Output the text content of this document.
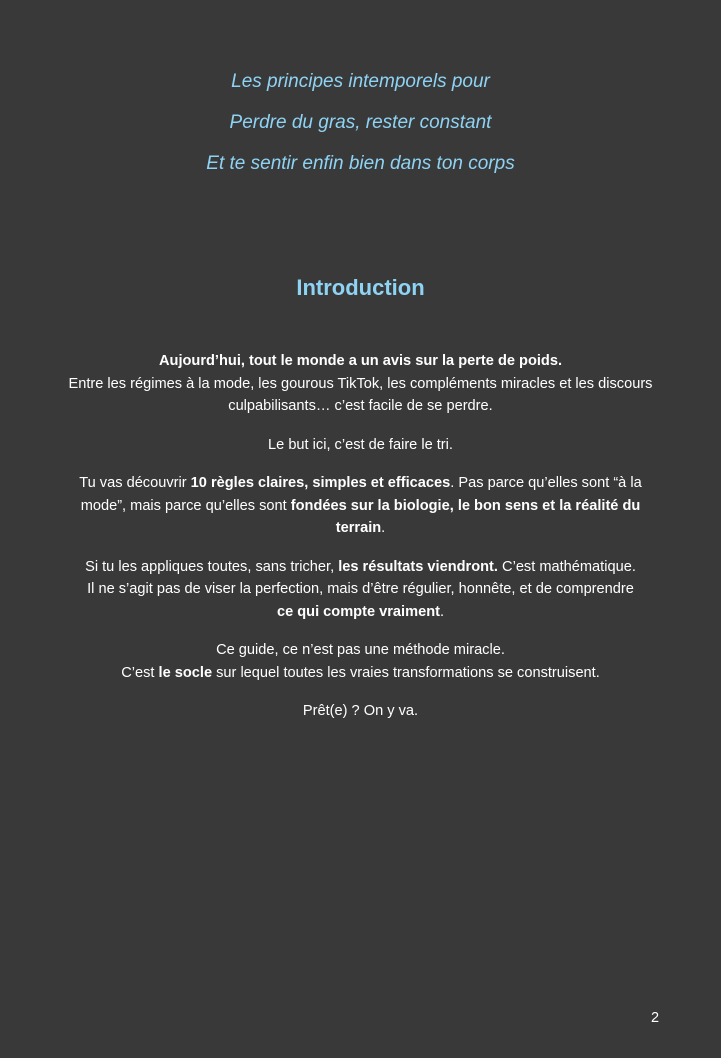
Les principes intemporels pour
Perdre du gras, rester constant
Et te sentir enfin bien dans ton corps
Introduction

Aujourd’hui, tout le monde a un avis sur la perte de poids.
Entre les régimes à la mode, les gourous TikTok, les compléments miracles et les discours culpabilisants… c’est facile de se perdre.

Le but ici, c’est de faire le tri.

Tu vas découvrir 10 règles claires, simples et efficaces. Pas parce qu’elles sont “à la mode”, mais parce qu’elles sont fondées sur la biologie, le bon sens et la réalité du terrain.

Si tu les appliques toutes, sans tricher, les résultats viendront. C’est mathématique.
Il ne s’agit pas de viser la perfection, mais d’être régulier, honnête, et de comprendre
ce qui compte vraiment.

Ce guide, ce n’est pas une méthode miracle.
C’est le socle sur lequel toutes les vraies transformations se construisent.

Prêt(e) ? On y va.

2
